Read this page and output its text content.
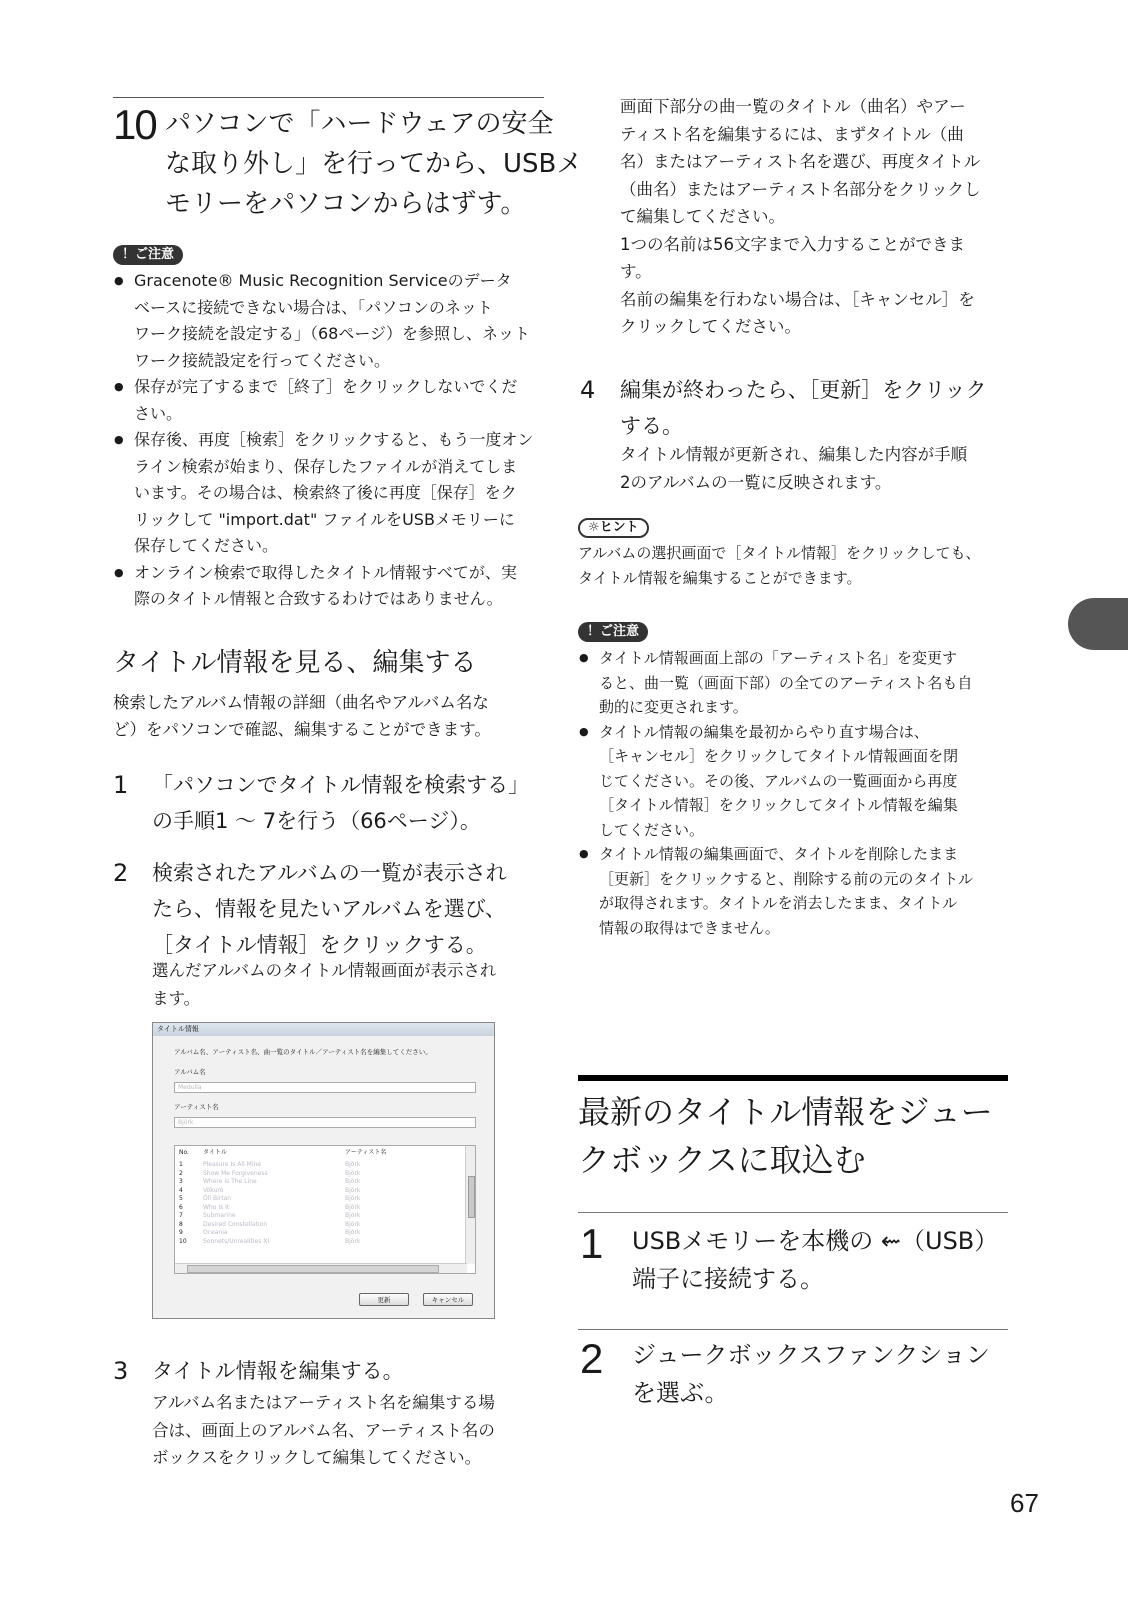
10 パソコンで「ハードウェアの安全
な取り外し」を行ってから、USBメ
モリーをパソコンからはずす。
！ご注意
● Gracenote® Music Recognition Serviceのデータ
ベースに接続できない場合は、「パソコンのネット
ワーク接続を設定する」（68ページ）を参照し、ネット
ワーク接続設定を行ってください。
● 保存が完了するまで［終了］をクリックしないでくだ
さい。
● 保存後、再度［検索］をクリックすると、もう一度オン
ライン検索が始まり、保存したファイルが消えてしま
います。その場合は、検索終了後に再度［保存］をク
リックして "import.dat" ファイルをUSBメモリーに
保存してください。
● オンライン検索で取得したタイトル情報すべてが、実
際のタイトル情報と合致するわけではありません。
タイトル情報を見る、編集する
検索したアルバム情報の詳細（曲名やアルバム名な
ど）をパソコンで確認、編集することができます。
1 「パソコンでタイトル情報を検索する」
の手順1 〜 7を行う（66ページ）。
2 検索されたアルバムの一覧が表示され
たら、情報を見たいアルバムを選び、
［タイトル情報］をクリックする。
選んだアルバムのタイトル情報画面が表示され
ます。
タイトル情報
アルバム名、アーティスト名、曲一覧のタイトル／アーティスト名を編集してください。
アルバム名
Medulla
アーティスト名
Björk
No. タイトル	アーティスト名
1	Pleasure Is All Mine	Björk
2	Show Me Forgiveness	Björk
3	Where Is The Line	Björk
4	Vökuró	Björk
5	Öll Birtan	Björk
6	Who Is It	Björk
7	Submarine	Björk
8	Desired Constellation	Björk
9	Oceania	Björk
10	Sonnets/Unrealities XI	Björk
更新	キャンセル
3 タイトル情報を編集する。
アルバム名またはアーティスト名を編集する場
合は、画面上のアルバム名、アーティスト名の
ボックスをクリックして編集してください。
画面下部分の曲一覧のタイトル（曲名）やアー
ティスト名を編集するには、まずタイトル（曲
名）またはアーティスト名を選び、再度タイトル
（曲名）またはアーティスト名部分をクリックし
て編集してください。
1つの名前は56文字まで入力することができま
す。
名前の編集を行わない場合は、［キャンセル］を
クリックしてください。
4 編集が終わったら、［更新］をクリック
する。
タイトル情報が更新され、編集した内容が手順
2のアルバムの一覧に反映されます。
☼ヒント
アルバムの選択画面で［タイトル情報］をクリックしても、
タイトル情報を編集することができます。
！ご注意
● タイトル情報画面上部の「アーティスト名」を変更す
ると、曲一覧（画面下部）の全てのアーティスト名も自
動的に変更されます。
● タイトル情報の編集を最初からやり直す場合は、
［キャンセル］をクリックしてタイトル情報画面を閉
じてください。その後、アルバムの一覧画面から再度
［タイトル情報］をクリックしてタイトル情報を編集
してください。
● タイトル情報の編集画面で、タイトルを削除したまま
［更新］をクリックすると、削除する前の元のタイトル
が取得されます。タイトルを消去したまま、タイトル
情報の取得はできません。
最新のタイトル情報をジュー
クボックスに取込む
1 USBメモリーを本機の ⇜（USB）
端子に接続する。
2 ジュークボックスファンクション
を選ぶ。
67
